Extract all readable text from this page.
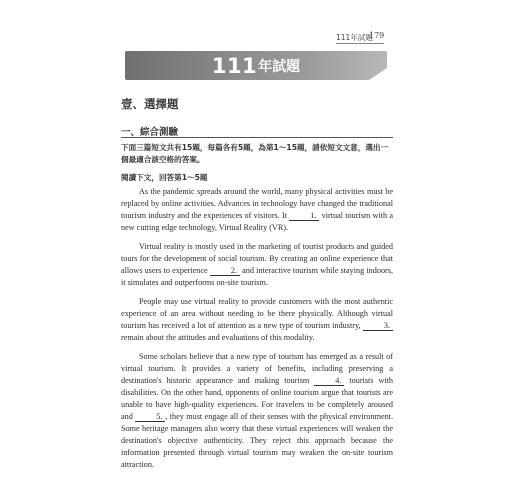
111年試題
179
111 年試題
壹、選擇題
一、綜合測驗
下面三篇短文共有15題，每篇各有5題，為第1～15題，請依短文文意，選出一個最適合該空格的答案。
閱讀下文，回答第1～5題

As the pandemic spreads around the world, many physical activities must be replaced by online activities. Advances in technology have changed the traditional tourism industry and the experiences of visitors. It	1. virtual tourism with a new cutting edge technology, Virtual Reality (VR).

Virtual reality is mostly used in the marketing of tourist products and guided tours for the development of social tourism. By creating an online experience that allows users to experience	2. and interactive tourism while staying indoors, it simulates and outperforms on-site tourism.

People may use virtual reality to provide customers with the most authentic experience of an area without needing to be there physically. Although virtual tourism has received a lot of attention as a new type of tourism industry,	3. remain about the attitudes and evaluations of this modality.

Some scholars believe that a new type of tourism has emerged as a result of virtual tourism. It provides a variety of benefits, including preserving a destination's historic appearance and making tourism	4. tourists with disabilities. On the other hand, opponents of online tourism argue that tourists are unable to have high-quality experiences. For travelers to be completely aroused and	5. , they must engage all of their senses with the physical environment. Some heritage managers also worry that these virtual experiences will weaken the destination's objective authenticity. They reject this approach because the information presented through virtual tourism may weaken the on-site tourism attraction.
